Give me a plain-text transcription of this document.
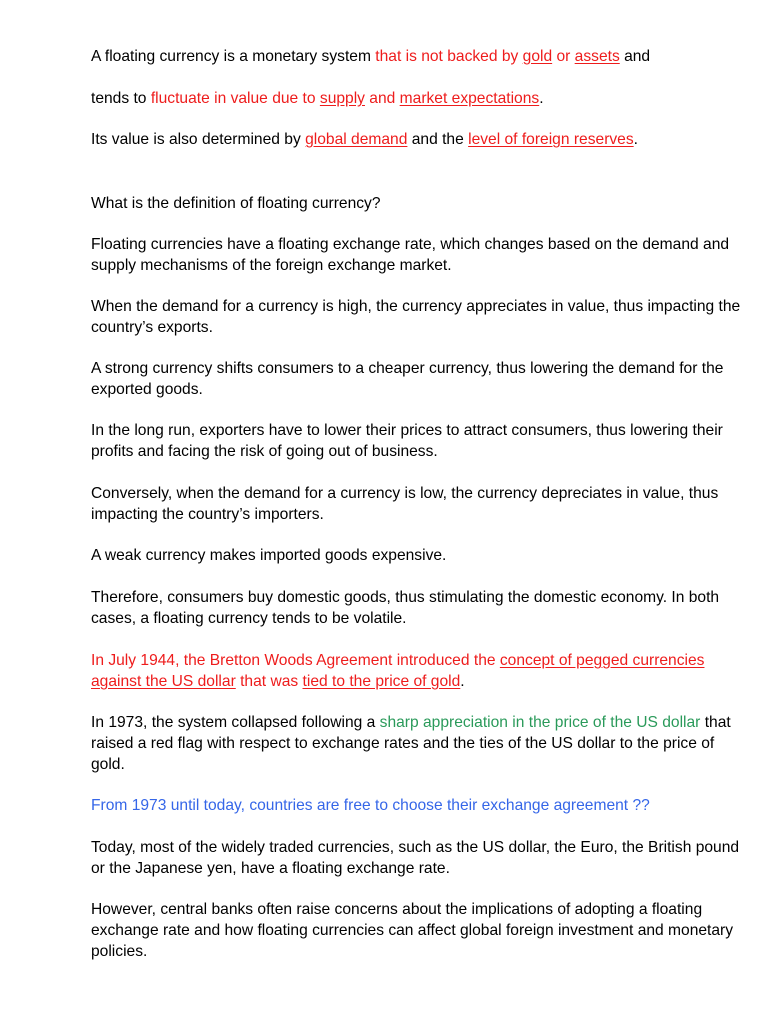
A floating currency is a monetary system that is not backed by gold or assets and

tends to fluctuate in value due to supply and market expectations.

Its value is also determined by global demand and the level of foreign reserves.

What is the definition of floating currency?

Floating currencies have a floating exchange rate, which changes based on the demand and supply mechanisms of the foreign exchange market.

When the demand for a currency is high, the currency appreciates in value, thus impacting the country’s exports.

A strong currency shifts consumers to a cheaper currency, thus lowering the demand for the exported goods.

In the long run, exporters have to lower their prices to attract consumers, thus lowering their profits and facing the risk of going out of business.

Conversely, when the demand for a currency is low, the currency depreciates in value, thus impacting the country’s importers.

A weak currency makes imported goods expensive.

Therefore, consumers buy domestic goods, thus stimulating the domestic economy. In both cases, a floating currency tends to be volatile.

In July 1944, the Bretton Woods Agreement introduced the concept of pegged currencies against the US dollar that was tied to the price of gold.

In 1973, the system collapsed following a sharp appreciation in the price of the US dollar that raised a red flag with respect to exchange rates and the ties of the US dollar to the price of gold.

From 1973 until today, countries are free to choose their exchange agreement ??

Today, most of the widely traded currencies, such as the US dollar, the Euro, the British pound or the Japanese yen, have a floating exchange rate.

However, central banks often raise concerns about the implications of adopting a floating exchange rate and how floating currencies can affect global foreign investment and monetary policies.
